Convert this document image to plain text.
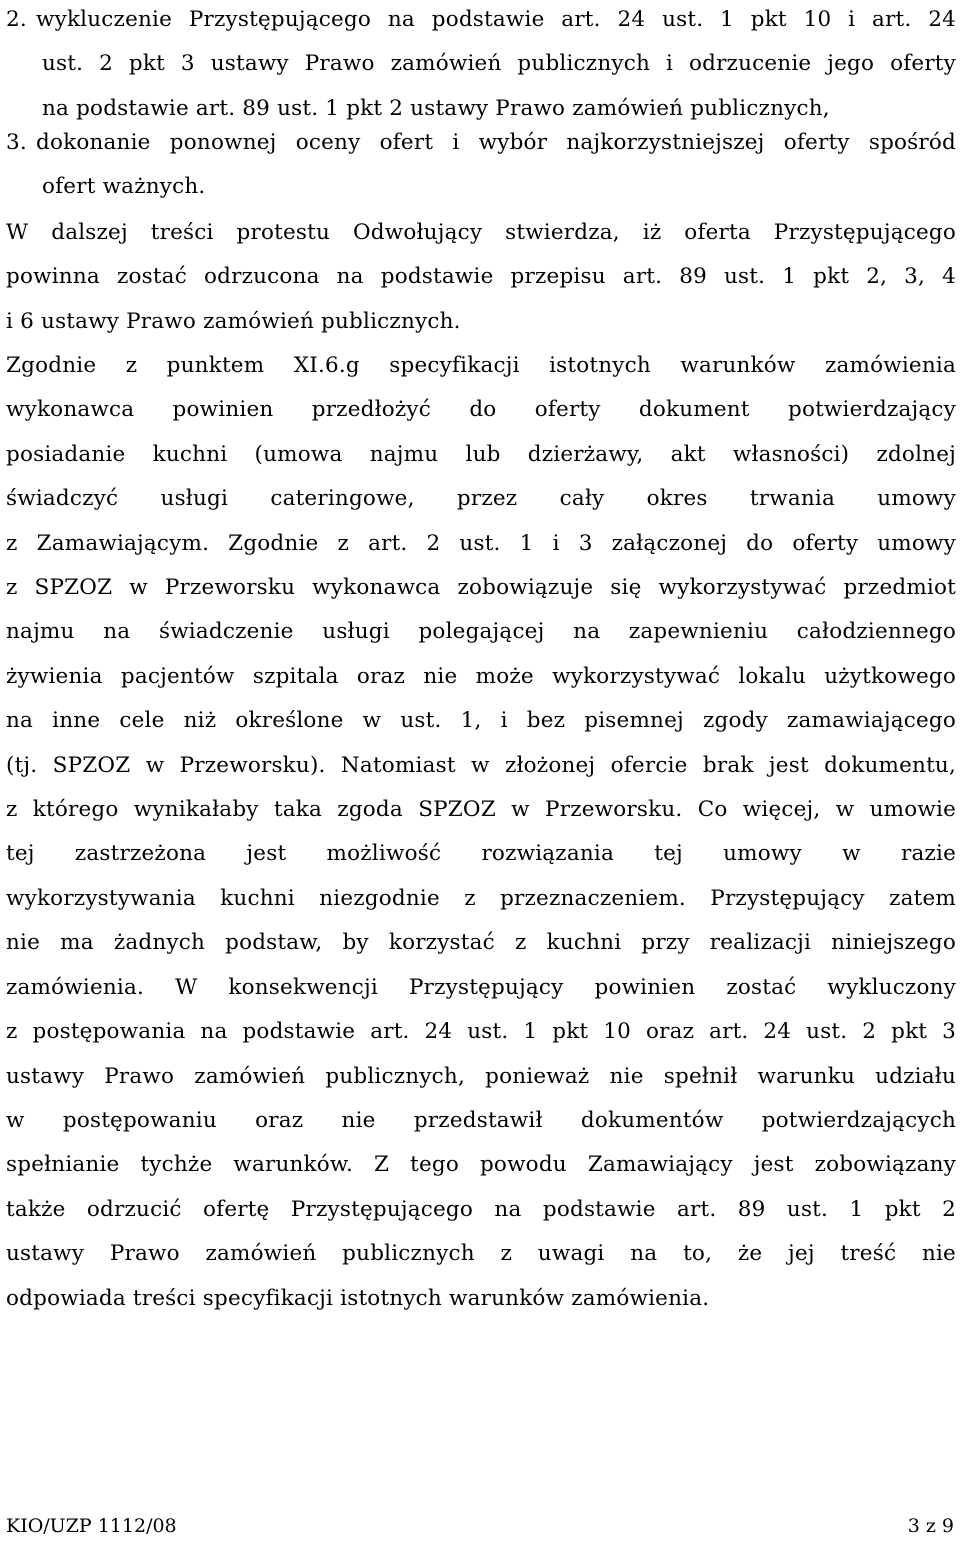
2. wykluczenie Przystępującego na podstawie art. 24 ust. 1 pkt 10 i art. 24
ust. 2 pkt 3 ustawy Prawo zamówień publicznych i odrzucenie jego oferty
na podstawie art. 89 ust. 1 pkt 2 ustawy Prawo zamówień publicznych,
3. dokonanie ponownej oceny ofert i wybór najkorzystniejszej oferty spośród
ofert ważnych.
W dalszej treści protestu Odwołujący stwierdza, iż oferta Przystępującego
powinna zostać odrzucona na podstawie przepisu art. 89 ust. 1 pkt 2, 3, 4
i 6 ustawy Prawo zamówień publicznych.
Zgodnie z punktem XI.6.g specyfikacji istotnych warunków zamówienia
wykonawca powinien przedłożyć do oferty dokument potwierdzający
posiadanie kuchni (umowa najmu lub dzierżawy, akt własności) zdolnej
świadczyć usługi cateringowe, przez cały okres trwania umowy
z Zamawiającym. Zgodnie z art. 2 ust. 1 i 3 załączonej do oferty umowy
z SPZOZ w Przeworsku wykonawca zobowiązuje się wykorzystywać przedmiot
najmu na świadczenie usługi polegającej na zapewnieniu całodziennego
żywienia pacjentów szpitala oraz nie może wykorzystywać lokalu użytkowego
na inne cele niż określone w ust. 1, i bez pisemnej zgody zamawiającego
(tj. SPZOZ w Przeworsku). Natomiast w złożonej ofercie brak jest dokumentu,
z którego wynikałaby taka zgoda SPZOZ w Przeworsku. Co więcej, w umowie
tej zastrzeżona jest możliwość rozwiązania tej umowy w razie
wykorzystywania kuchni niezgodnie z przeznaczeniem. Przystępujący zatem
nie ma żadnych podstaw, by korzystać z kuchni przy realizacji niniejszego
zamówienia. W konsekwencji Przystępujący powinien zostać wykluczony
z postępowania na podstawie art. 24 ust. 1 pkt 10 oraz art. 24 ust. 2 pkt 3
ustawy Prawo zamówień publicznych, ponieważ nie spełnił warunku udziału
w postępowaniu oraz nie przedstawił dokumentów potwierdzających
spełnianie tychże warunków. Z tego powodu Zamawiający jest zobowiązany
także odrzucić ofertę Przystępującego na podstawie art. 89 ust. 1 pkt 2
ustawy Prawo zamówień publicznych z uwagi na to, że jej treść nie
odpowiada treści specyfikacji istotnych warunków zamówienia.
KIO/UZP 1112/08	3 z 9
